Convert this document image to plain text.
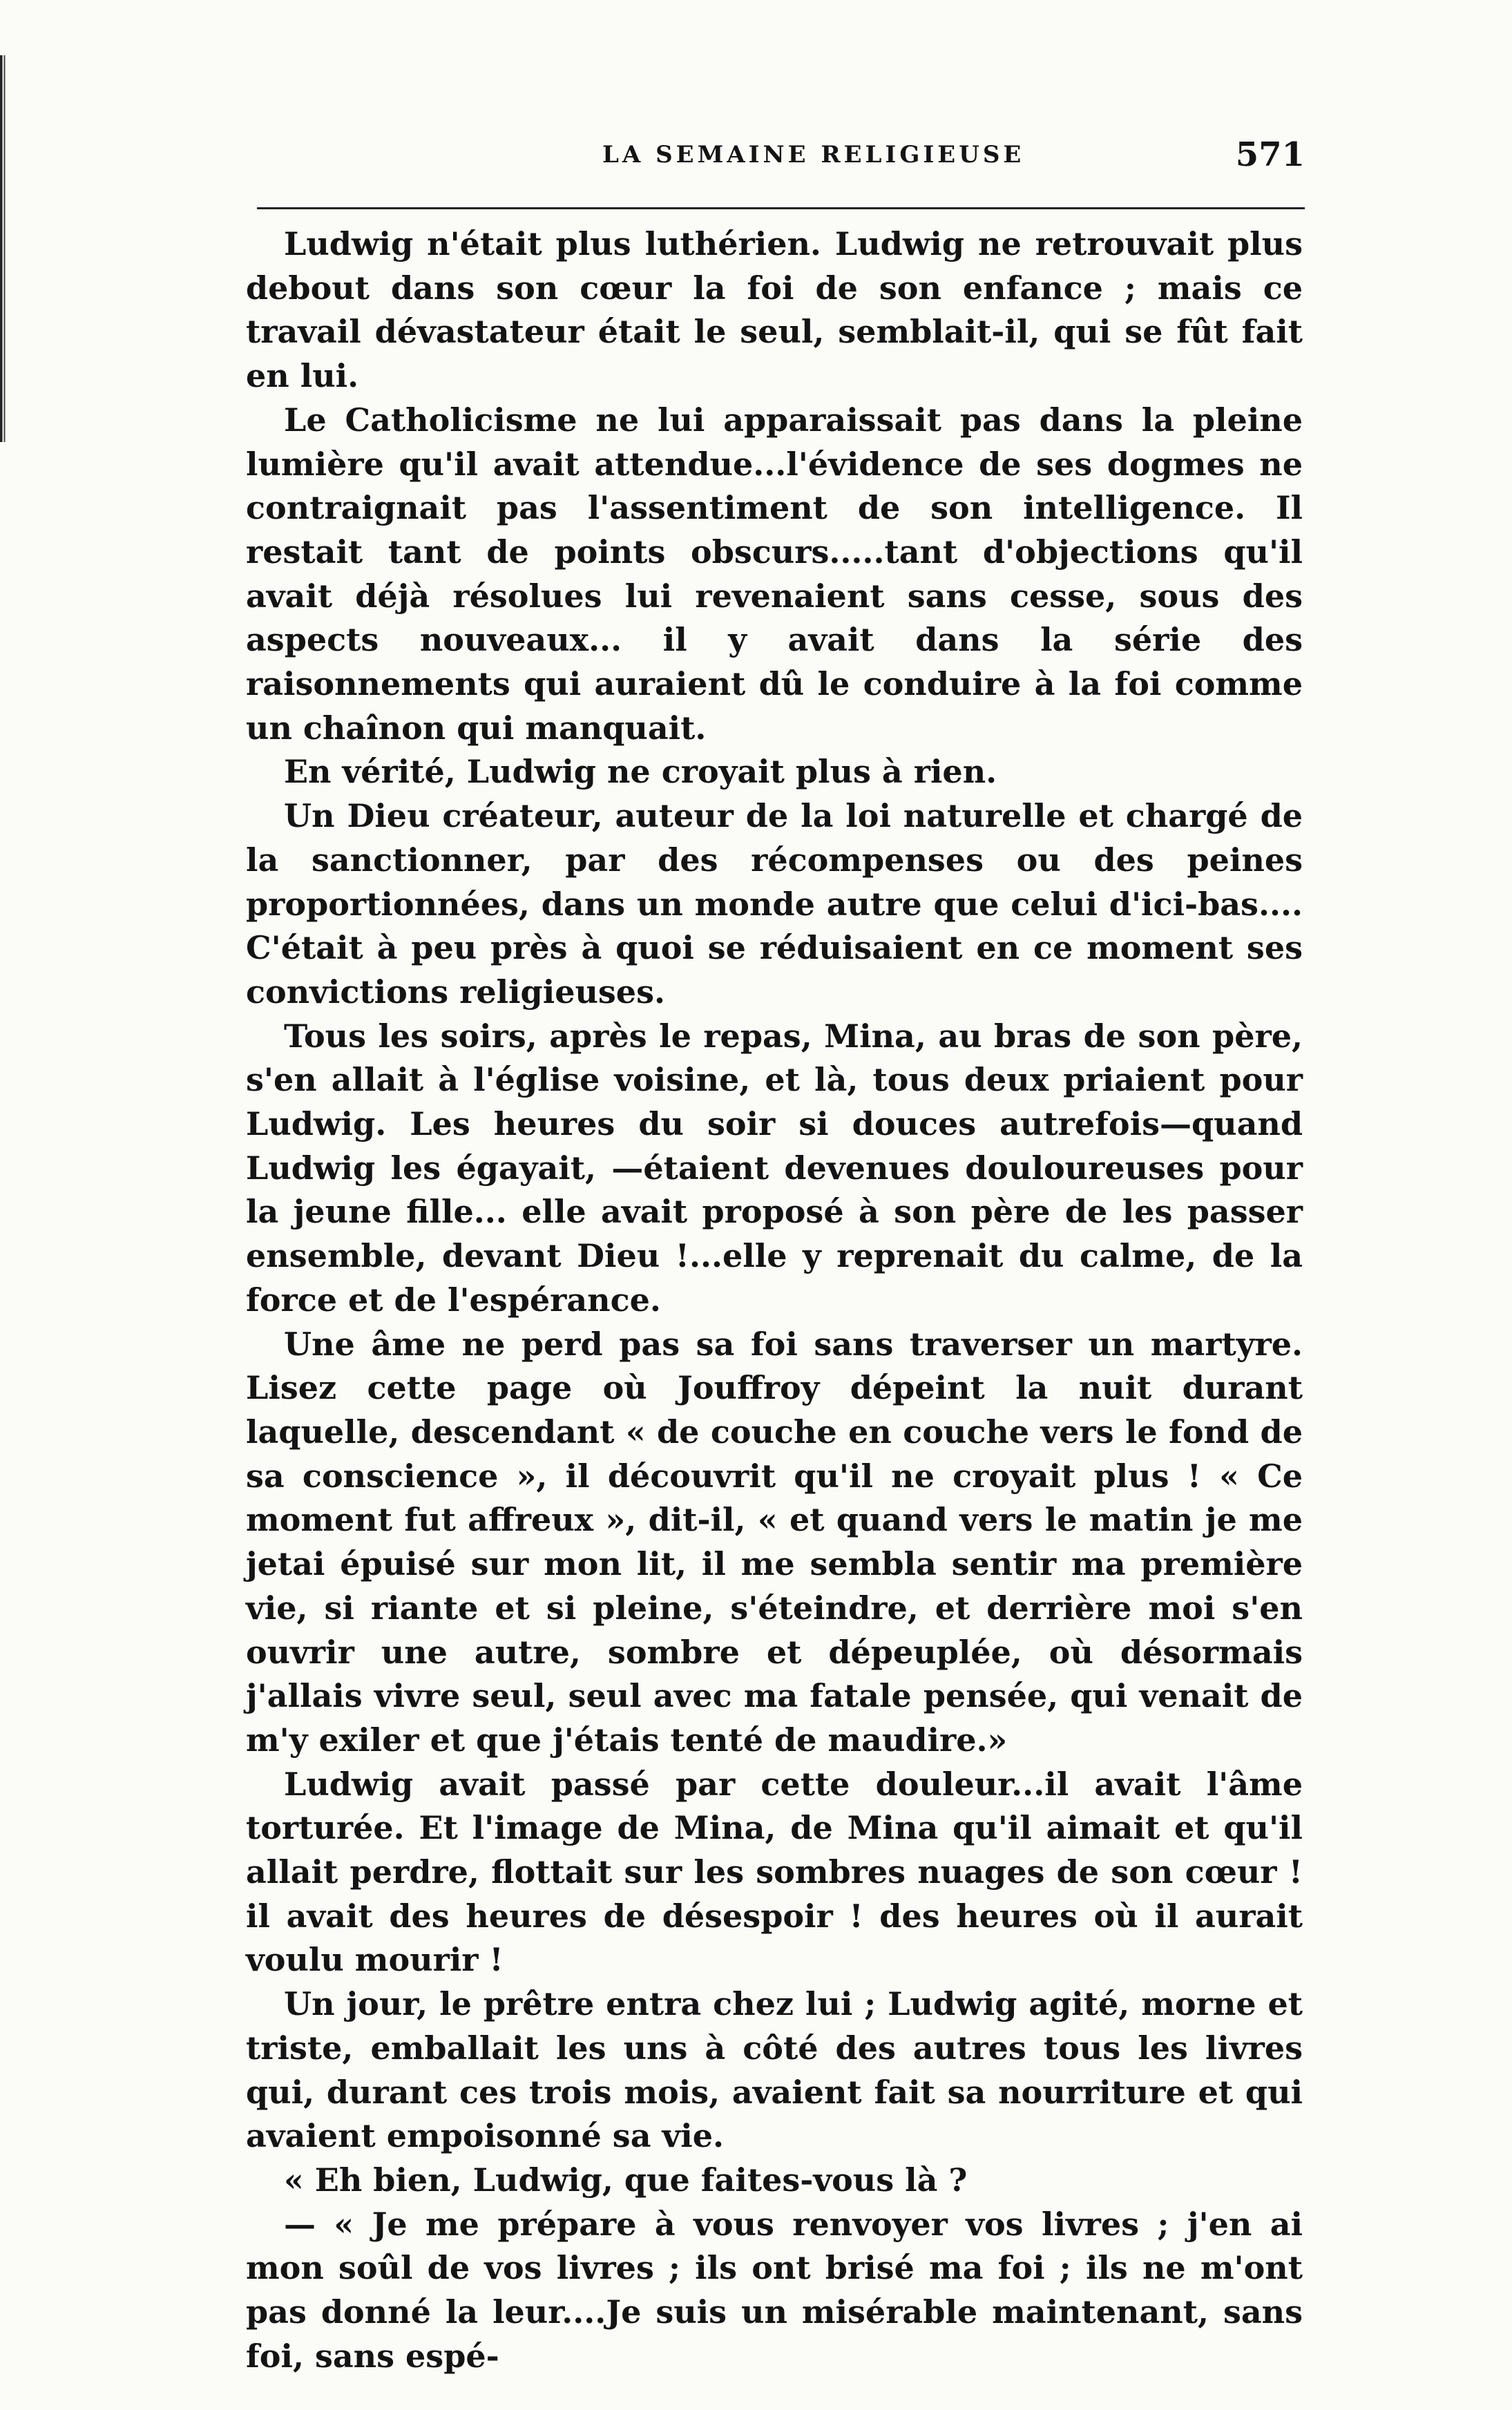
LA SEMAINE RELIGIEUSE	571

Ludwig n'était plus luthérien. Ludwig ne retrouvait plus debout dans son cœur la foi de son enfance ; mais ce travail dévastateur était le seul, semblait-il, qui se fût fait en lui.

Le Catholicisme ne lui apparaissait pas dans la pleine lumière qu'il avait attendue...l'évidence de ses dogmes ne contraignait pas l'assentiment de son intelligence. Il restait tant de points obscurs.....tant d'objections qu'il avait déjà résolues lui revenaient sans cesse, sous des aspects nouveaux... il y avait dans la série des raisonnements qui auraient dû le conduire à la foi comme un chaînon qui manquait.

En vérité, Ludwig ne croyait plus à rien.

Un Dieu créateur, auteur de la loi naturelle et chargé de la sanctionner, par des récompenses ou des peines proportionnées, dans un monde autre que celui d'ici-bas.... C'était à peu près à quoi se réduisaient en ce moment ses convictions religieuses.

Tous les soirs, après le repas, Mina, au bras de son père, s'en allait à l'église voisine, et là, tous deux priaient pour Ludwig. Les heures du soir si douces autrefois—quand Ludwig les égayait, —étaient devenues douloureuses pour la jeune fille... elle avait proposé à son père de les passer ensemble, devant Dieu !...elle y reprenait du calme, de la force et de l'espérance.

Une âme ne perd pas sa foi sans traverser un martyre. Lisez cette page où Jouffroy dépeint la nuit durant laquelle, descendant « de couche en couche vers le fond de sa conscience », il découvrit qu'il ne croyait plus ! « Ce moment fut affreux », dit-il, « et quand vers le matin je me jetai épuisé sur mon lit, il me sembla sentir ma première vie, si riante et si pleine, s'éteindre, et derrière moi s'en ouvrir une autre, sombre et dépeuplée, où désormais j'allais vivre seul, seul avec ma fatale pensée, qui venait de m'y exiler et que j'étais tenté de maudire.»

Ludwig avait passé par cette douleur...il avait l'âme torturée. Et l'image de Mina, de Mina qu'il aimait et qu'il allait perdre, flottait sur les sombres nuages de son cœur ! il avait des heures de désespoir ! des heures où il aurait voulu mourir !

Un jour, le prêtre entra chez lui ; Ludwig agité, morne et triste, emballait les uns à côté des autres tous les livres qui, durant ces trois mois, avaient fait sa nourriture et qui avaient empoisonné sa vie.

« Eh bien, Ludwig, que faites-vous là ?

— « Je me prépare à vous renvoyer vos livres ; j'en ai mon soûl de vos livres ; ils ont brisé ma foi ; ils ne m'ont pas donné la leur....Je suis un misérable maintenant, sans foi, sans espé-
